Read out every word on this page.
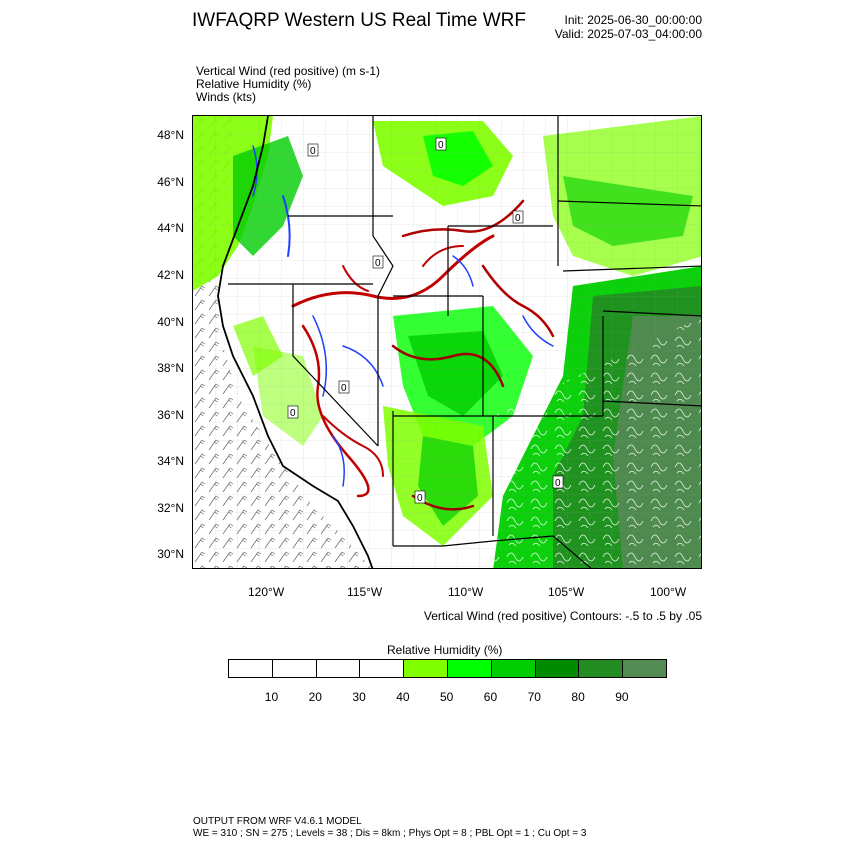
IWFAQRP Western US Real Time WRF	Init: 2025-06-30_00:00:00
Valid: 2025-07-03_04:00:00
Vertical Wind (red positive) (m s-1)
Relative Humidity (%)
Winds (kts)
0
0
0
0
0
0
0
0
48°N
46°N
44°N
42°N
40°N
38°N
36°N
34°N
32°N
30°N
120°W	115°W	110°W	105°W	100°W
Vertical Wind (red positive) Contours: -.5 to .5 by .05
Relative Humidity (%)
10	20	30	40	50	60	70	80	90
OUTPUT FROM WRF V4.6.1 MODEL
WE = 310 ; SN = 275 ; Levels = 38 ; Dis = 8km ; Phys Opt = 8 ; PBL Opt = 1 ; Cu Opt = 3
